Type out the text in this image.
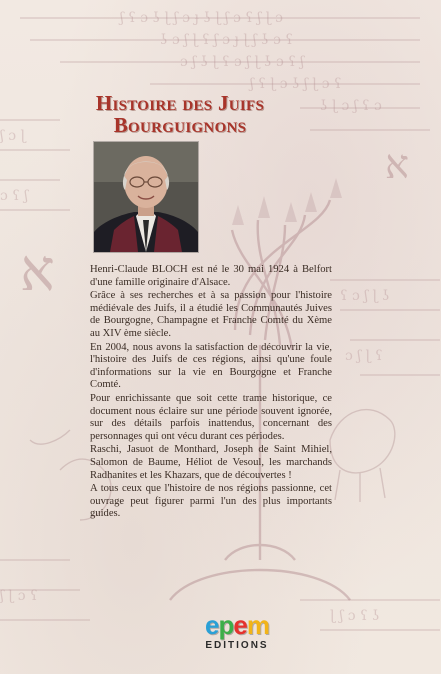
ʃ ʕ ɔ ʖ ɭ ʃ ɔ ɟ ʖ ɭ ʃ ɔ ʕ ʃ ɭ ɔ
ʖ ɔ ʃ ɭ ʕ ʃ ɔ ɟ ɭ ʃ ʖ ɔ ʕ
ɔ ʃ ʖ ɭ ʕ ɔ ʃ ɭ ʖ ɔ ʕ ʃ
ʃ ʕ ɭ ɔ ʖ ʃ ɭ ɔ ʕ
ʖ ɭ ɔ ʃ ʕ ɔ
ʃ ɔ ɭ
ɔ ʕ ʃ
ʕ ɔ ʃ ɭ ʖ
ɔ ʃ ɭ ʕ
ʃ ɭ ɔ ʕ
ɭ ʃ ɔ ʕ ʖ
א
א
Histoire des Juifs
Bourguignons

Henri-Claude BLOCH est né le 30 mai 1924 à Belfort d'une famille originaire d'Alsace.

Grâce à ses recherches et à sa passion pour l'histoire médiévale des Juifs, il a étudié les Communautés Juives de Bourgogne, Champagne et Franche Comté du Xème au XIV ème siècle.

En 2004, nous avons la satisfaction de découvrir la vie, l'histoire des Juifs de ces régions, ainsi qu'une foule d'informations sur la vie en Bourgogne et Franche Comté.

Pour enrichissante que soit cette trame historique, ce document nous éclaire sur une période souvent ignorée, sur des détails parfois inattendus, concernant des personnages qui ont vécu durant ces périodes.

Raschi, Jasuot de Monthard, Joseph de Saint Mihiel, Salomon de Baume, Héliot de Vesoul, les marchands Radhanites et les Khazars, que de découvertes !

A tous ceux que l'histoire de nos régions passionne, cet ouvrage peut figurer parmi l'un des plus importants guides.

e p e m
EDITIONS
